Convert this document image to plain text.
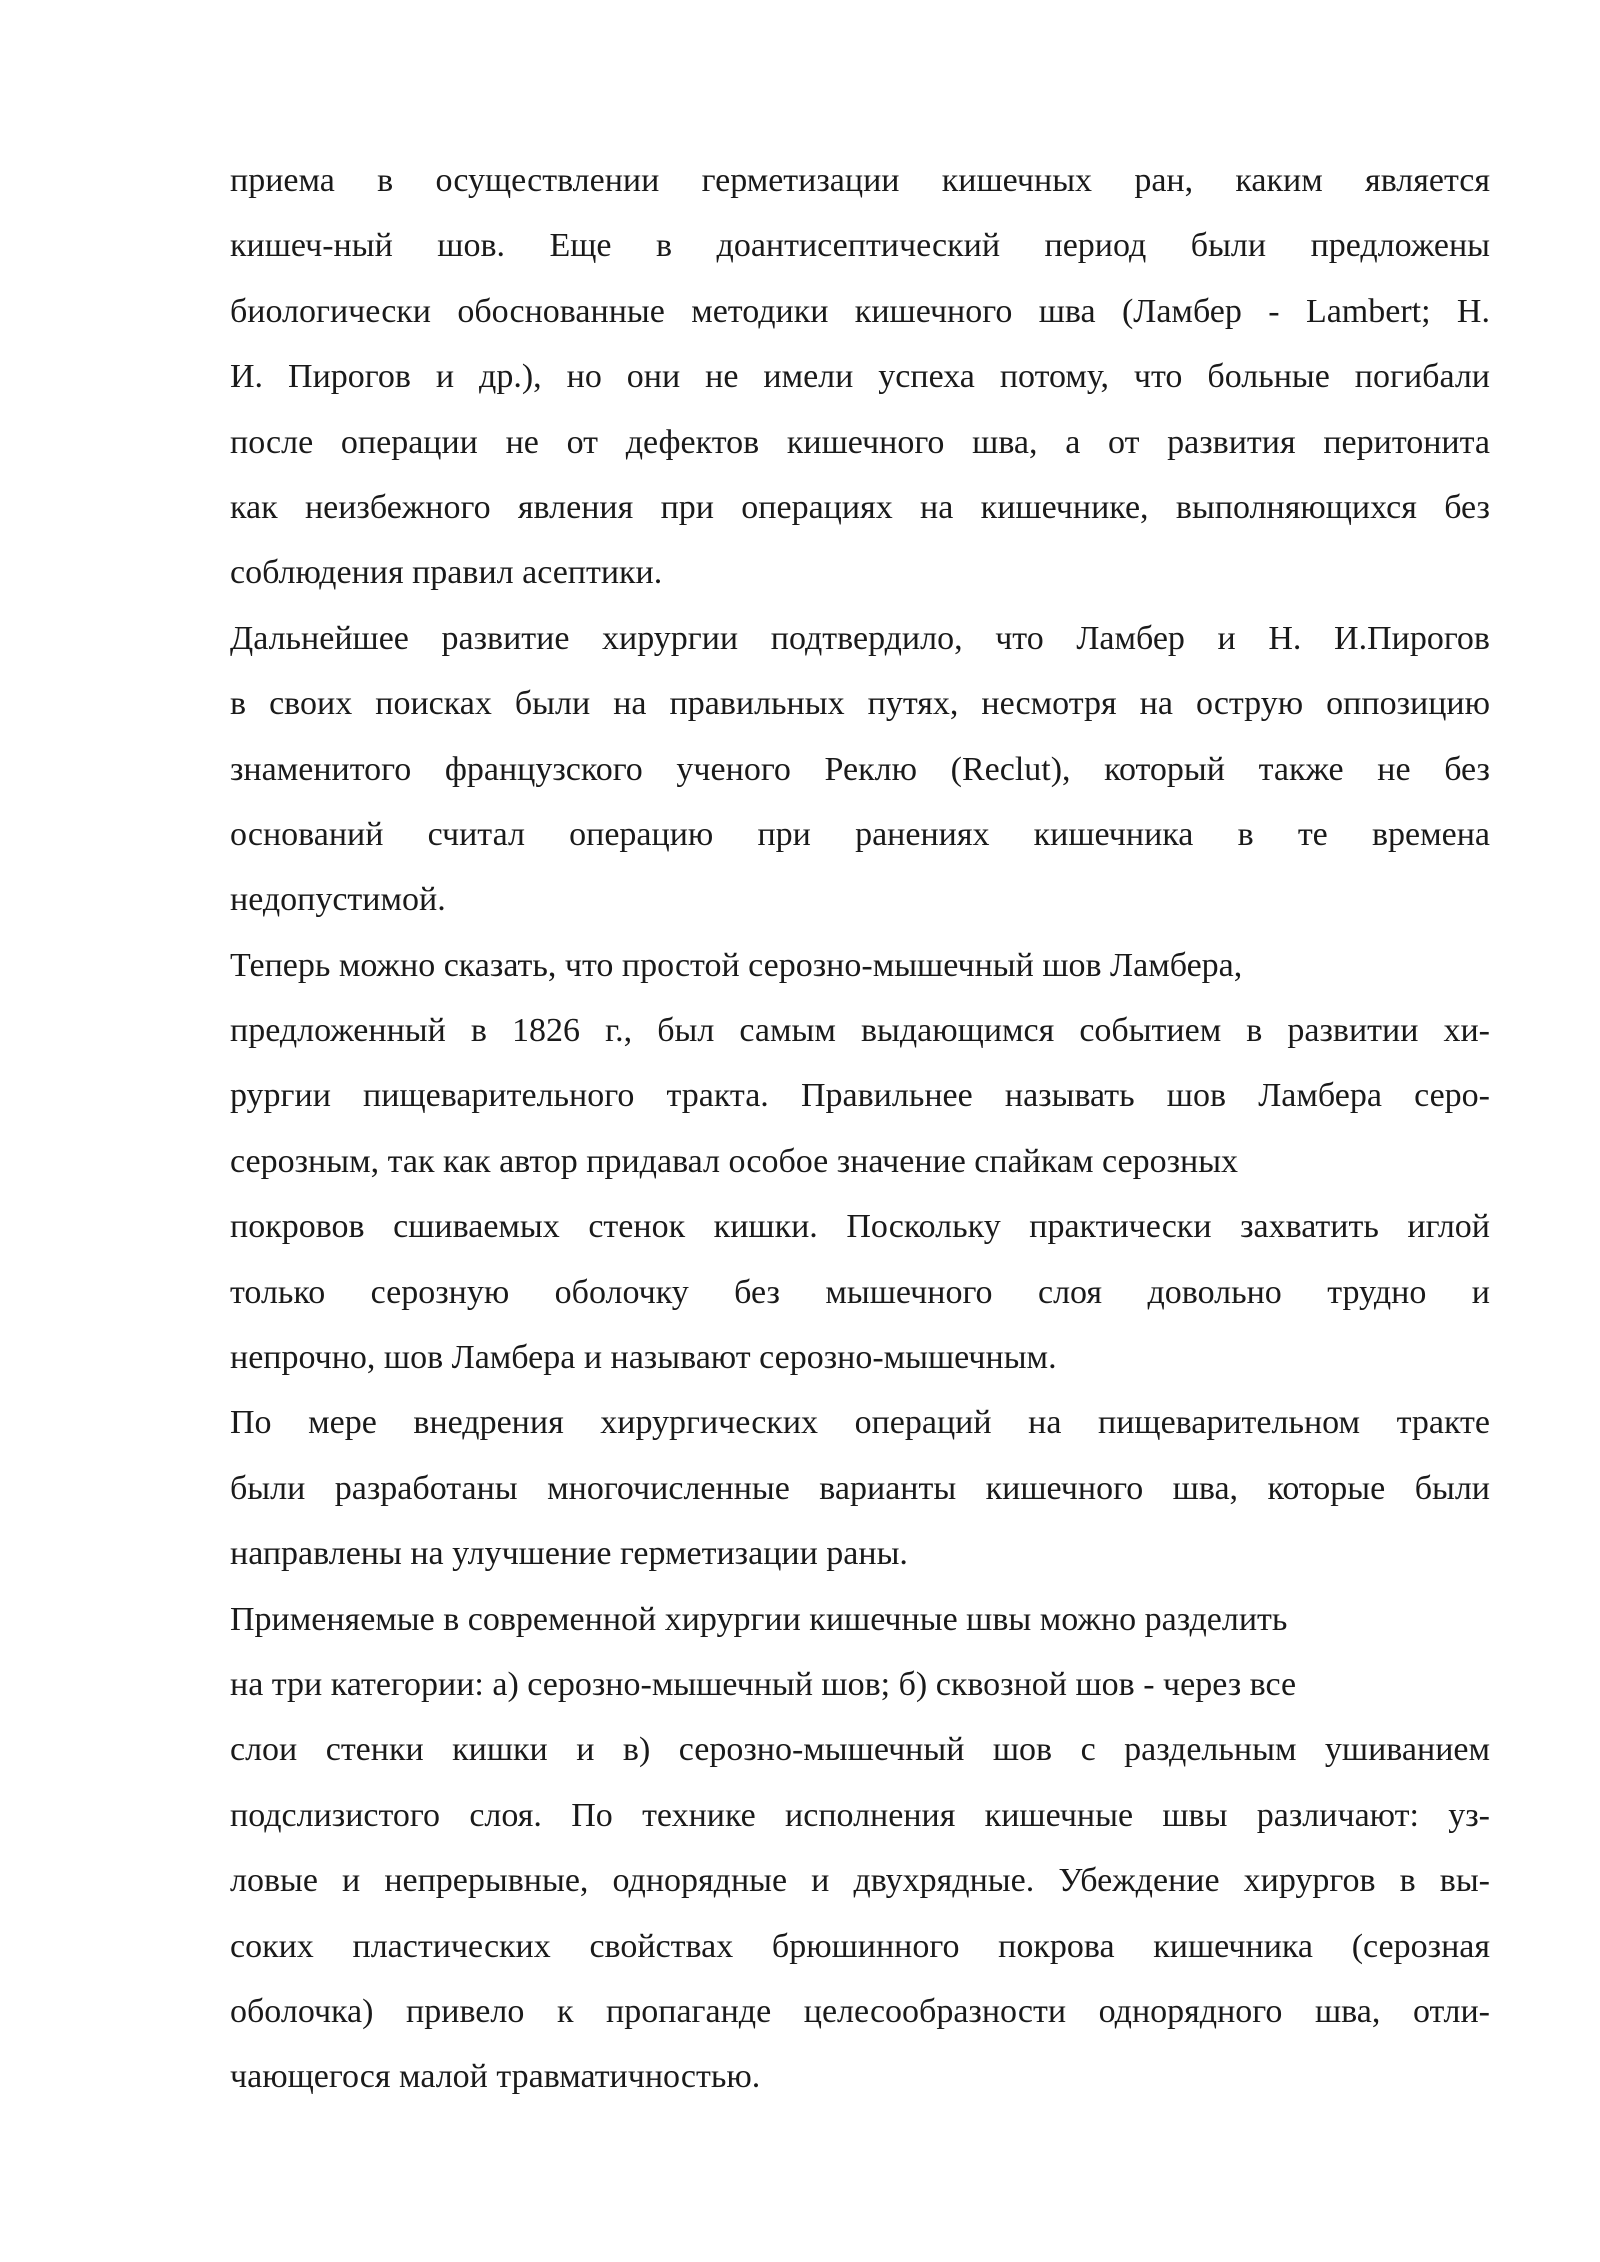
приема в осуществлении герметизации кишечных ран, каким является
кишеч-ный шов. Еще в доантисептический период были предложены
биологически обоснованные методики кишечного шва (Ламбер - Lambert; Н.
И. Пирогов и др.), но они не имели успеха потому, что больные погибали
после операции не от дефектов кишечного шва, а от развития перитонита
как неизбежного явления при операциях на кишечнике, выполняющихся без
соблюдения правил асептики.
Дальнейшее развитие хирургии подтвердило, что Ламбер и Н. И.Пирогов
в своих поисках были на правильных путях, несмотря на острую оппозицию
знаменитого французского ученого Реклю (Reclut), который также не без
оснований считал операцию при ранениях кишечника в те времена
недопустимой.
Теперь можно сказать, что простой серозно-мышечный шов Ламбера,
предложенный в 1826 г., был самым выдающимся событием в развитии хи-
рургии пищеварительного тракта. Правильнее называть шов Ламбера серо-
серозным, так как автор придавал особое значение спайкам серозных
покровов сшиваемых стенок кишки. Поскольку практически захватить иглой
только серозную оболочку без мышечного слоя довольно трудно и
непрочно, шов Ламбера и называют серозно-мышечным.
По мере внедрения хирургических операций на пищеварительном тракте
были разработаны многочисленные варианты кишечного шва, которые были
направлены на улучшение герметизации раны.
Применяемые в современной хирургии кишечные швы можно разделить
на три категории: а) серозно-мышечный шов; б) сквозной шов - через все
слои стенки кишки и в) серозно-мышечный шов с раздельным ушиванием
подслизистого слоя. По технике исполнения кишечные швы различают: уз-
ловые и непрерывные, однорядные и двухрядные. Убеждение хирургов в вы-
соких пластических свойствах брюшинного покрова кишечника (серозная
оболочка) привело к пропаганде целесообразности однорядного шва, отли-
чающегося малой травматичностью.
